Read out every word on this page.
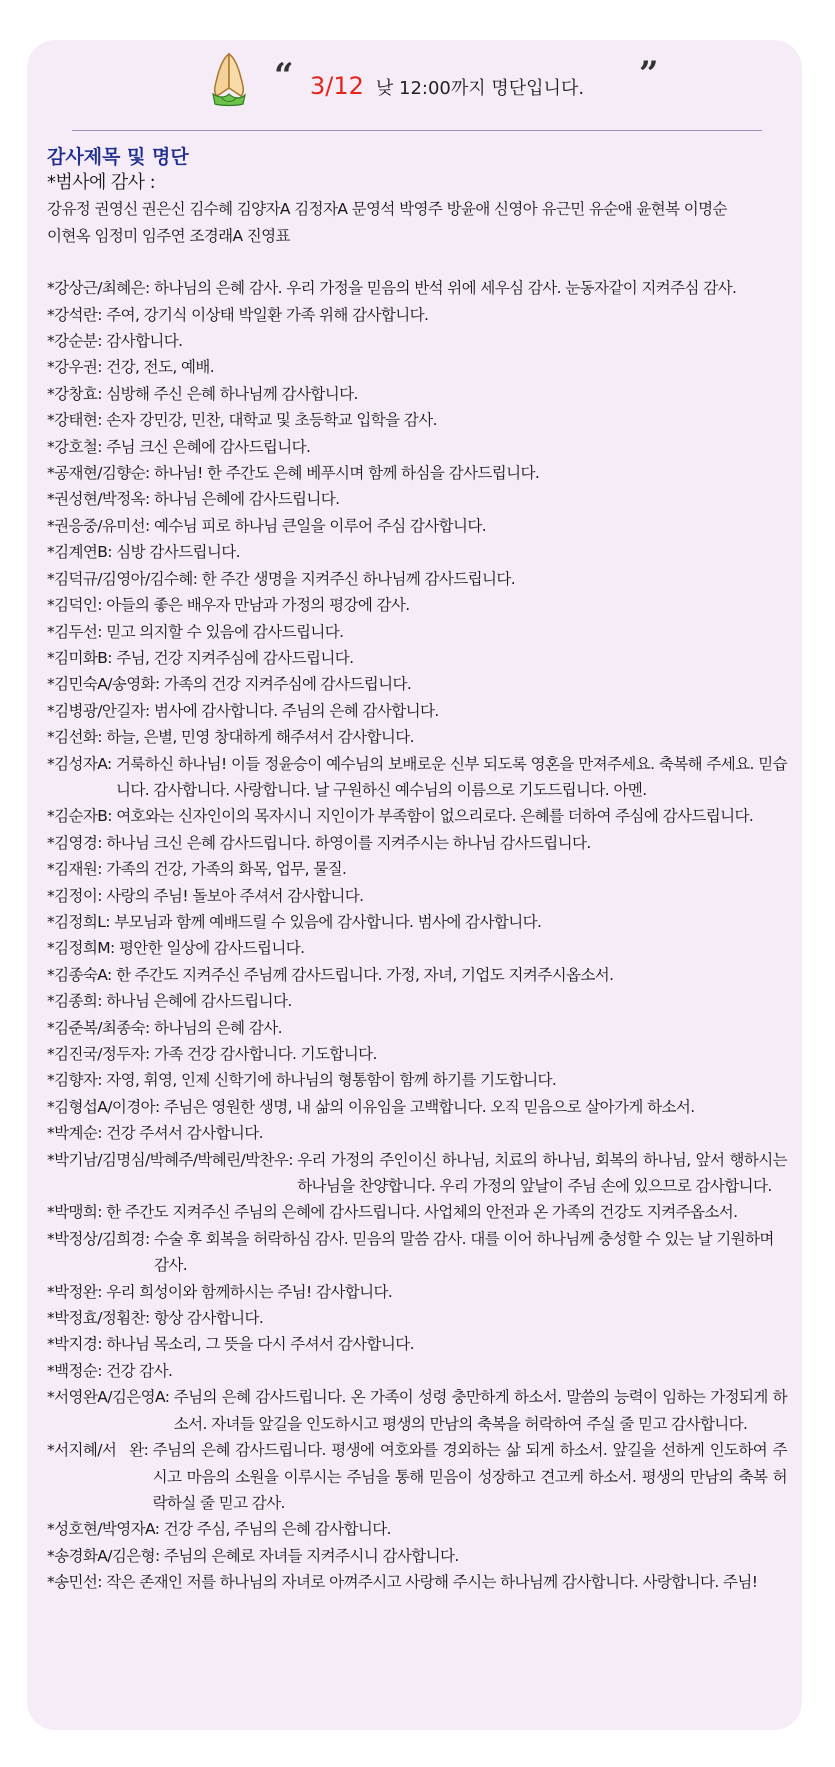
“ 3/12 낮 12:00까지 명단입니다. ”
감사제목 및 명단

*범사에 감사 :

강유정 권영신 권은신 김수혜 김양자A 김정자A 문영석 박영주 방윤애 신영아 유근민 유순애 윤현복 이명순

이현옥 임정미 임주연 조경래A 진영표

*강상근/최혜은: 하나님의 은혜 감사. 우리 가정을 믿음의 반석 위에 세우심 감사. 눈동자같이 지켜주심 감사.
*강석란: 주여, 강기식 이상태 박일환 가족 위해 감사합니다.
*강순분: 감사합니다.
*강우권: 건강, 전도, 예배.
*강창효: 심방해 주신 은혜 하나님께 감사합니다.
*강태현: 손자 강민강, 민찬, 대학교 및 초등학교 입학을 감사.
*강호철: 주님 크신 은혜에 감사드립니다.
*공재현/김향순: 하나님! 한 주간도 은혜 베푸시며 함께 하심을 감사드립니다.
*권성현/박정옥: 하나님 은혜에 감사드립니다.
*권응중/유미선: 예수님 피로 하나님 큰일을 이루어 주심 감사합니다.
*김계연B: 심방 감사드립니다.
*김덕규/김영아/김수혜: 한 주간 생명을 지켜주신 하나님께 감사드립니다.
*김덕인: 아들의 좋은 배우자 만남과 가정의 평강에 감사.
*김두선: 믿고 의지할 수 있음에 감사드립니다.
*김미화B: 주님, 건강 지켜주심에 감사드립니다.
*김민숙A/송영화: 가족의 건강 지켜주심에 감사드립니다.
*김병광/안길자: 범사에 감사합니다. 주님의 은혜 감사합니다.
*김선화: 하늘, 은별, 민영 창대하게 해주셔서 감사합니다.
*김성자A: 거룩하신 하나님! 이들 정윤승이 예수님의 보배로운 신부 되도록 영혼을 만져주세요. 축복해 주세요. 믿습니다. 감사합니다. 사랑합니다. 날 구원하신 예수님의 이름으로 기도드립니다. 아멘.
*김순자B: 여호와는 신자인이의 목자시니 지인이가 부족함이 없으리로다. 은혜를 더하여 주심에 감사드립니다.
*김영경: 하나님 크신 은혜 감사드립니다. 하영이를 지켜주시는 하나님 감사드립니다.
*김재원: 가족의 건강, 가족의 화목, 업무, 물질.
*김정이: 사랑의 주님! 돌보아 주셔서 감사합니다.
*김정희L: 부모님과 함께 예배드릴 수 있음에 감사합니다. 범사에 감사합니다.
*김정희M: 평안한 일상에 감사드립니다.
*김종숙A: 한 주간도 지켜주신 주님께 감사드립니다. 가정, 자녀, 기업도 지켜주시옵소서.
*김종희: 하나님 은혜에 감사드립니다.
*김준복/최종숙: 하나님의 은혜 감사.
*김진국/정두자: 가족 건강 감사합니다. 기도합니다.
*김향자: 자영, 휘영, 인제 신학기에 하나님의 형통함이 함께 하기를 기도합니다.
*김형섭A/이경아: 주님은 영원한 생명, 내 삶의 이유임을 고백합니다. 오직 믿음으로 살아가게 하소서.
*박계순: 건강 주셔서 감사합니다.
*박기남/김명심/박혜주/박혜린/박찬우: 우리 가정의 주인이신 하나님, 치료의 하나님, 회복의 하나님, 앞서 행하시는 하나님을 찬양합니다. 우리 가정의 앞날이 주님 손에 있으므로 감사합니다.
*박맹희: 한 주간도 지켜주신 주님의 은혜에 감사드립니다. 사업체의 안전과 온 가족의 건강도 지켜주옵소서.
*박정상/김희경: 수술 후 회복을 허락하심 감사. 믿음의 말씀 감사. 대를 이어 하나님께 충성할 수 있는 날 기원하며 감사.
*박정완: 우리 희성이와 함께하시는 주님! 감사합니다.
*박정효/정횜찬: 항상 감사합니다.
*박지경: 하나님 목소리, 그 뜻을 다시 주셔서 감사합니다.
*백정순: 건강 감사.
*서영완A/김은영A: 주님의 은혜 감사드립니다. 온 가족이 성령 충만하게 하소서. 말씀의 능력이 임하는 가정되게 하소서. 자녀들 앞길을 인도하시고 평생의 만남의 축복을 허락하여 주실 줄 믿고 감사합니다.
*서지혜/서   완: 주님의 은혜 감사드립니다. 평생에 여호와를 경외하는 삶 되게 하소서. 앞길을 선하게 인도하여 주시고 마음의 소원을 이루시는 주님을 통해 믿음이 성장하고 견고케 하소서. 평생의 만남의 축복 허락하실 줄 믿고 감사.
*성호현/박영자A: 건강 주심, 주님의 은혜 감사합니다.
*송경화A/김은형: 주님의 은혜로 자녀들 지켜주시니 감사합니다.
*송민선: 작은 존재인 저를 하나님의 자녀로 아껴주시고 사랑해 주시는 하나님께 감사합니다. 사랑합니다. 주님!
